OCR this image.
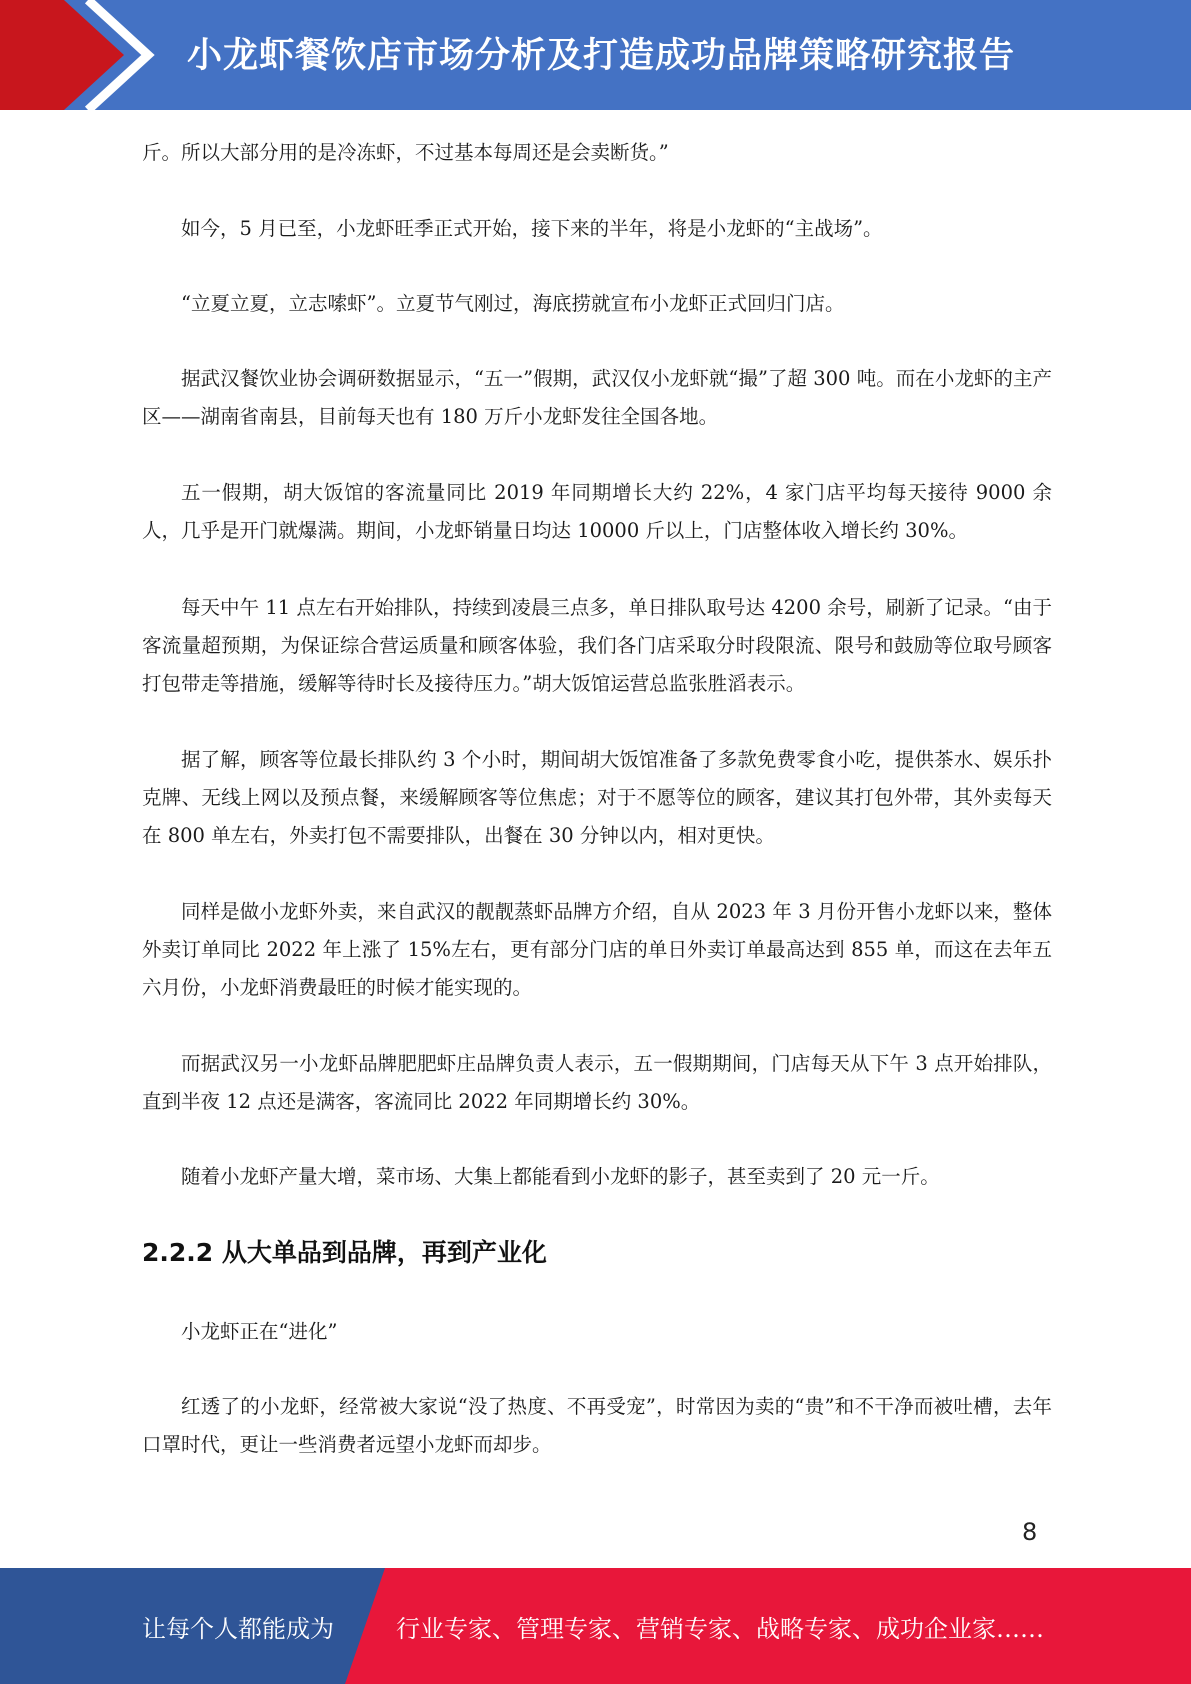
小龙虾餐饮店市场分析及打造成功品牌策略研究报告

斤。所以大部分用的是冷冻虾，不过基本每周还是会卖断货。”

如今，5 月已至，小龙虾旺季正式开始，接下来的半年，将是小龙虾的“主战场”。

“立夏立夏，立志嗦虾”。立夏节气刚过，海底捞就宣布小龙虾正式回归门店。

据武汉餐饮业协会调研数据显示，“五一”假期，武汉仅小龙虾就“撮”了超 300 吨。而在小龙虾的主产区——湖南省南县，目前每天也有 180 万斤小龙虾发往全国各地。

五一假期，胡大饭馆的客流量同比 2019 年同期增长大约 22%，4 家门店平均每天接待 9000 余人，几乎是开门就爆满。期间，小龙虾销量日均达 10000 斤以上，门店整体收入增长约 30%。

每天中午 11 点左右开始排队，持续到凌晨三点多，单日排队取号达 4200 余号，刷新了记录。“由于客流量超预期，为保证综合营运质量和顾客体验，我们各门店采取分时段限流、限号和鼓励等位取号顾客打包带走等措施，缓解等待时长及接待压力。”胡大饭馆运营总监张胜滔表示。

据了解，顾客等位最长排队约 3 个小时，期间胡大饭馆准备了多款免费零食小吃，提供茶水、娱乐扑克牌、无线上网以及预点餐，来缓解顾客等位焦虑；对于不愿等位的顾客，建议其打包外带，其外卖每天在 800 单左右，外卖打包不需要排队，出餐在 30 分钟以内，相对更快。

同样是做小龙虾外卖，来自武汉的靓靓蒸虾品牌方介绍，自从 2023 年 3 月份开售小龙虾以来，整体外卖订单同比 2022 年上涨了 15%左右，更有部分门店的单日外卖订单最高达到 855 单，而这在去年五六月份，小龙虾消费最旺的时候才能实现的。

而据武汉另一小龙虾品牌肥肥虾庄品牌负责人表示，五一假期期间，门店每天从下午 3 点开始排队，直到半夜 12 点还是满客，客流同比 2022 年同期增长约 30%。

随着小龙虾产量大增，菜市场、大集上都能看到小龙虾的影子，甚至卖到了 20 元一斤。

2.2.2 从大单品到品牌，再到产业化

小龙虾正在“进化”

红透了的小龙虾，经常被大家说“没了热度、不再受宠”，时常因为卖的“贵”和不干净而被吐槽，去年口罩时代，更让一些消费者远望小龙虾而却步。

8
让每个人都能成为	行业专家、管理专家、营销专家、战略专家、成功企业家……
